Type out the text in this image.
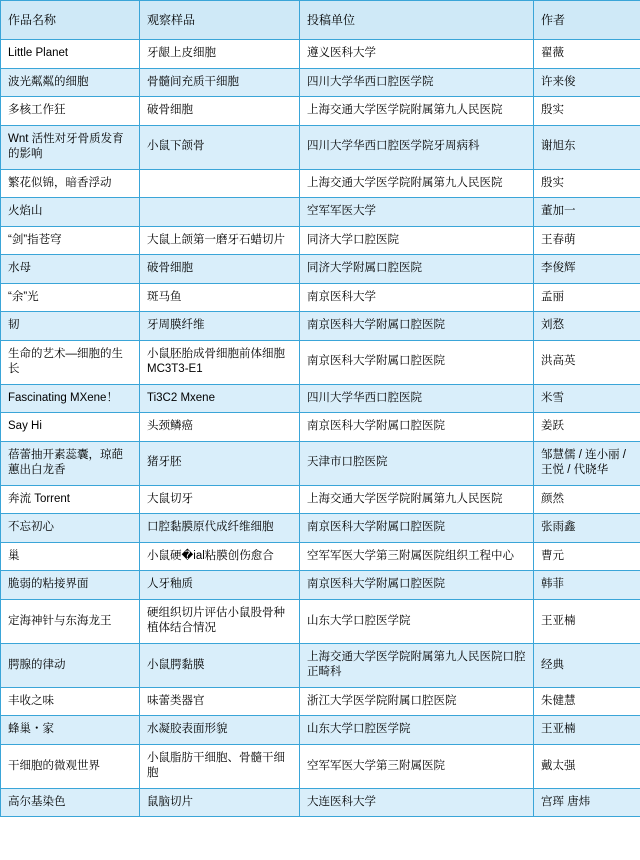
作品名称	观察样品	投稿单位	作者

Little Planet	牙龈上皮细胞	遵义医科大学	翟薇

波光粼粼的细胞	骨髓间充质干细胞	四川大学华西口腔医学院	许来俊

多核工作狂	破骨细胞	上海交通大学医学院附属第九人民医院	殷实

Wnt 活性对牙骨质发育的影响	小鼠下颌骨	四川大学华西口腔医学院牙周病科	谢旭东

繁花似锦，暗香浮动		上海交通大学医学院附属第九人民医院	殷实

火焰山		空军军医大学	董加一

“剑”指苍穹	大鼠上颌第一磨牙石蜡切片	同济大学口腔医院	王春萌

水母	破骨细胞	同济大学附属口腔医院	李俊辉

“余”光	斑马鱼	南京医科大学	孟丽

韧	牙周膜纤维	南京医科大学附属口腔医院	刘愗

生命的艺术—细胞的生长	小鼠胚胎成骨细胞前体细胞MC3T3-E1	南京医科大学附属口腔医院	洪高英

Fascinating MXene！	Ti3C2 Mxene	四川大学华西口腔医院	米雪

Say Hi	头颈鳞癌	南京医科大学附属口腔医院	姜跃

蓓蕾抽开素蕊囊，琼葩蕙出白龙香	猪牙胚	天津市口腔医院	邹慧儒 / 连小丽 / 王悦 / 代晓华

奔流 Torrent	大鼠切牙	上海交通大学医学院附属第九人民医院	颜然

不忘初心	口腔黏膜原代成纤维细胞	南京医科大学附属口腔医院	张雨鑫

巢	小鼠硬�ial粘膜创伤愈合	空军军医大学第三附属医院组织工程中心	曹元

脆弱的粘接界面	人牙釉质	南京医科大学附属口腔医院	韩菲

定海神针与东海龙王	硬组织切片评估小鼠股骨种植体结合情况	山东大学口腔医学院	王亚楠

腭腺的律动	小鼠腭黏膜	上海交通大学医学院附属第九人民医院口腔正畸科	经典

丰收之味	味蕾类器官	浙江大学医学院附属口腔医院	朱健慧

蜂巢・家	水凝胶表面形貌	山东大学口腔医学院	王亚楠

干细胞的微观世界	小鼠脂肪干细胞、骨髓干细胞	空军军医大学第三附属医院	戴太强

高尔基染色	鼠脑切片	大连医科大学	宫珲 唐炜
